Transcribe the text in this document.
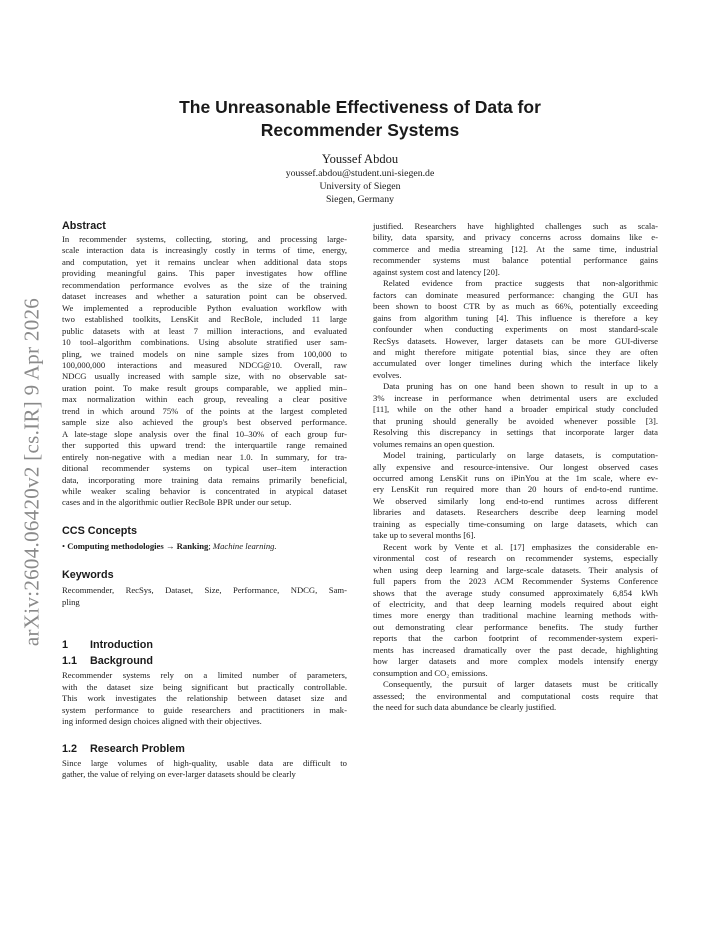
arXiv:2604.06420v2 [cs.IR] 9 Apr 2026
The Unreasonable Effectiveness of Data for
Recommender Systems
Youssef Abdou
youssef.abdou@student.uni-siegen.de
University of Siegen
Siegen, Germany
Abstract
In recommender systems, collecting, storing, and processing large-
scale interaction data is increasingly costly in terms of time, energy,
and computation, yet it remains unclear when additional data stops
providing meaningful gains. This paper investigates how offline
recommendation performance evolves as the size of the training
dataset increases and whether a saturation point can be observed.
We implemented a reproducible Python evaluation workflow with
two established toolkits, LensKit and RecBole, included 11 large
public datasets with at least 7 million interactions, and evaluated
10 tool–algorithm combinations. Using absolute stratified user sam-
pling, we trained models on nine sample sizes from 100,000 to
100,000,000 interactions and measured NDCG@10. Overall, raw
NDCG usually increased with sample size, with no observable sat-
uration point. To make result groups comparable, we applied min–
max normalization within each group, revealing a clear positive
trend in which around 75% of the points at the largest completed
sample size also achieved the group's best observed performance.
A late-stage slope analysis over the final 10–30% of each group fur-
ther supported this upward trend: the interquartile range remained
entirely non-negative with a median near 1.0. In summary, for tra-
ditional recommender systems on typical user–item interaction
data, incorporating more training data remains primarily beneficial,
while weaker scaling behavior is concentrated in atypical dataset
cases and in the algorithmic outlier RecBole BPR under our setup.
CCS Concepts
• Computing methodologies → Ranking; Machine learning.
Keywords
Recommender, RecSys, Dataset, Size, Performance, NDCG, Sam-
pling
1 Introduction
1.1 Background
Recommender systems rely on a limited number of parameters,
with the dataset size being significant but practically controllable.
This work investigates the relationship between dataset size and
system performance to guide researchers and practitioners in mak-
ing informed design choices aligned with their objectives.
1.2 Research Problem
Since large volumes of high-quality, usable data are difficult to
gather, the value of relying on ever-larger datasets should be clearly
justified. Researchers have highlighted challenges such as scala-
bility, data sparsity, and privacy concerns across domains like e-
commerce and media streaming [12]. At the same time, industrial
recommender systems must balance potential performance gains
against system cost and latency [20].
Related evidence from practice suggests that non-algorithmic
factors can dominate measured performance: changing the GUI has
been shown to boost CTR by as much as 66%, potentially exceeding
gains from algorithm tuning [4]. This influence is therefore a key
confounder when conducting experiments on most standard-scale
RecSys datasets. However, larger datasets can be more GUI-diverse
and might therefore mitigate potential bias, since they are often
accumulated over longer timelines during which the interface likely
evolves.
Data pruning has on one hand been shown to result in up to a
3% increase in performance when detrimental users are excluded
[11], while on the other hand a broader empirical study concluded
that pruning should generally be avoided whenever possible [3].
Resolving this discrepancy in settings that incorporate larger data
volumes remains an open question.
Model training, particularly on large datasets, is computation-
ally expensive and resource-intensive. Our longest observed cases
occurred among LensKit runs on iPinYou at the 1m scale, where ev-
ery LensKit run required more than 20 hours of end-to-end runtime.
We observed similarly long end-to-end runtimes across different
libraries and datasets. Researchers describe deep learning model
training as especially time-consuming on large datasets, which can
take up to several months [6].
Recent work by Vente et al. [17] emphasizes the considerable en-
vironmental cost of research on recommender systems, especially
when using deep learning and large-scale datasets. Their analysis of
full papers from the 2023 ACM Recommender Systems Conference
shows that the average study consumed approximately 6,854 kWh
of electricity, and that deep learning models required about eight
times more energy than traditional machine learning methods with-
out demonstrating clear performance benefits. The study further
reports that the carbon footprint of recommender-system experi-
ments has increased dramatically over the past decade, highlighting
how larger datasets and more complex models intensify energy
consumption and CO₂ emissions.
Consequently, the pursuit of larger datasets must be critically
assessed; the environmental and computational costs require that
the need for such data abundance be clearly justified.
